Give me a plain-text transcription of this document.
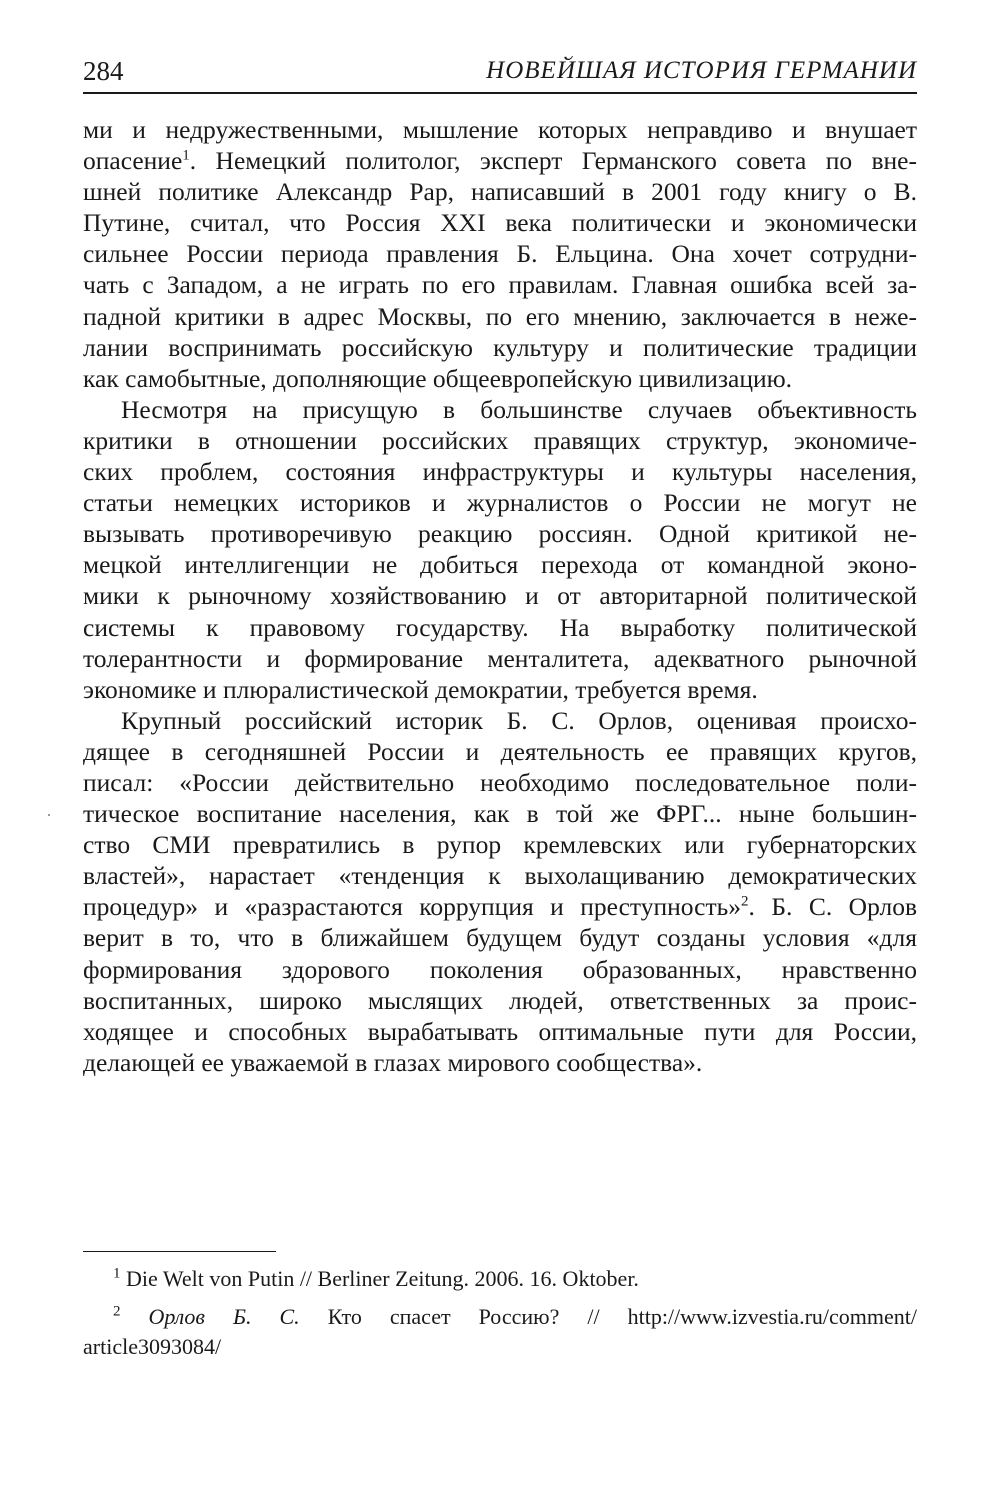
284	НОВЕЙШАЯ ИСТОРИЯ ГЕРМАНИИ

ми и недружественными, мышление которых неправдиво и внушает
опасение$^1$. Немецкий политолог, эксперт Германского совета по вне-
шней политике Александр Рар, написавший в 2001 году книгу о В.
Путине, считал, что Россия XXI века политически и экономически
сильнее России периода правления Б. Ельцина. Она хочет сотрудни-
чать с Западом, а не играть по его правилам. Главная ошибка всей за-
падной критики в адрес Москвы, по его мнению, заключается в нежe-
лании воспринимать российскую культуру и политические традиции
как самобытные, дополняющие общеевропейскую цивилизацию.

Несмотря на присущую в большинстве случаев объективность
критики в отношении российских правящих структур, экономиче-
ских проблем, состояния инфраструктуры и культуры населения,
статьи немецких историков и журналистов о России не могут не
вызывать противоречивую реакцию россиян. Одной критикой не-
мецкой интеллигенции не добиться перехода от командной эконо-
мики к рыночному хозяйствованию и от авторитарной политической
системы к правовому государству. На выработку политической
толерантности и формирование менталитета, адекватного рыночной
экономике и плюралистической демократии, требуется время.

Крупный российский историк Б. С. Орлов, оценивая происхо-
дящее в сегодняшней России и деятельность ее правящих кругов,
писал: «России действительно необходимо последовательное поли-
тическое воспитание населения, как в той же ФРГ... ныне большин-
ство СМИ превратились в рупор кремлевских или губернаторских
властей», нарастает «тенденция к выхолащиванию демократических
процедур» и «разрастаются коррупция и преступность»$^2$. Б. С. Орлов
верит в то, что в ближайшем будущем будут созданы условия «для
формирования здорового поколения образованных, нравственно
воспитанных, широко мыслящих людей, ответственных за проис-
ходящее и способных вырабатывать оптимальные пути для России,
делающей ее уважаемой в глазах мирового сообщества».

$^1$ Die Welt von Putin // Berliner Zeitung. 2006. 16. Oktober.
$^2$ Орлов Б. С. Кто спасет Россию? // http://www.izvestia.ru/comment/
article3093084/
